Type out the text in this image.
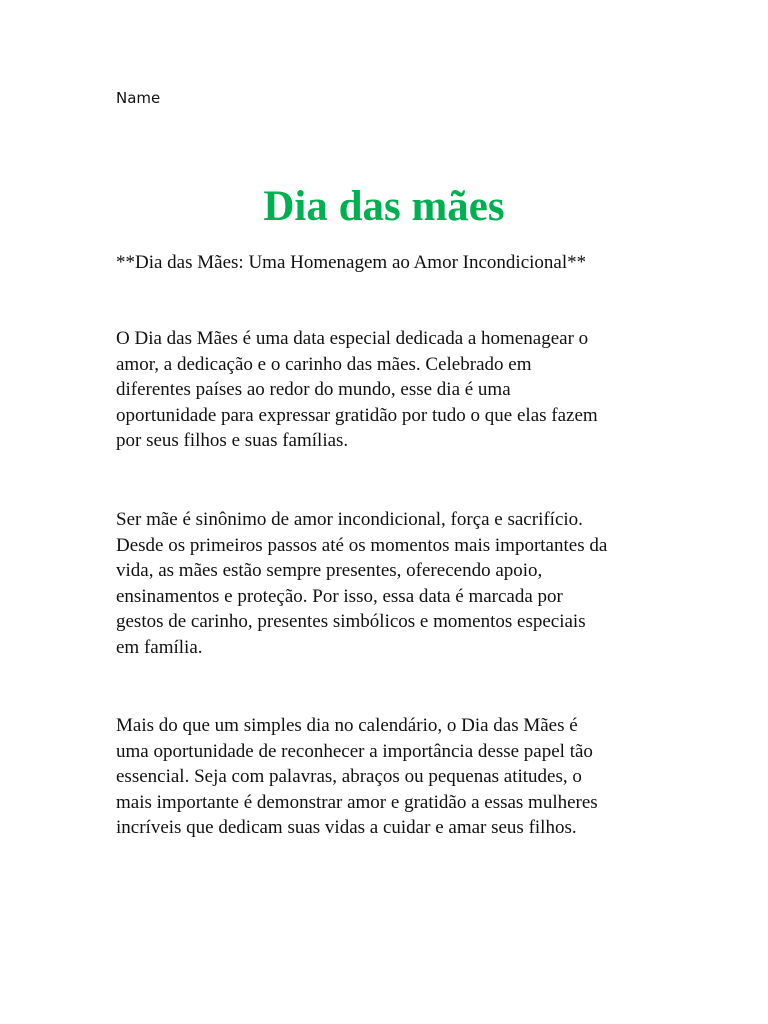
Name
Dia das mães

**Dia das Mães: Uma Homenagem ao Amor Incondicional**

O Dia das Mães é uma data especial dedicada a homenagear o
amor, a dedicação e o carinho das mães. Celebrado em
diferentes países ao redor do mundo, esse dia é uma
oportunidade para expressar gratidão por tudo o que elas fazem
por seus filhos e suas famílias.

Ser mãe é sinônimo de amor incondicional, força e sacrifício.
Desde os primeiros passos até os momentos mais importantes da
vida, as mães estão sempre presentes, oferecendo apoio,
ensinamentos e proteção. Por isso, essa data é marcada por
gestos de carinho, presentes simbólicos e momentos especiais
em família.

Mais do que um simples dia no calendário, o Dia das Mães é
uma oportunidade de reconhecer a importância desse papel tão
essencial. Seja com palavras, abraços ou pequenas atitudes, o
mais importante é demonstrar amor e gratidão a essas mulheres
incríveis que dedicam suas vidas a cuidar e amar seus filhos.
